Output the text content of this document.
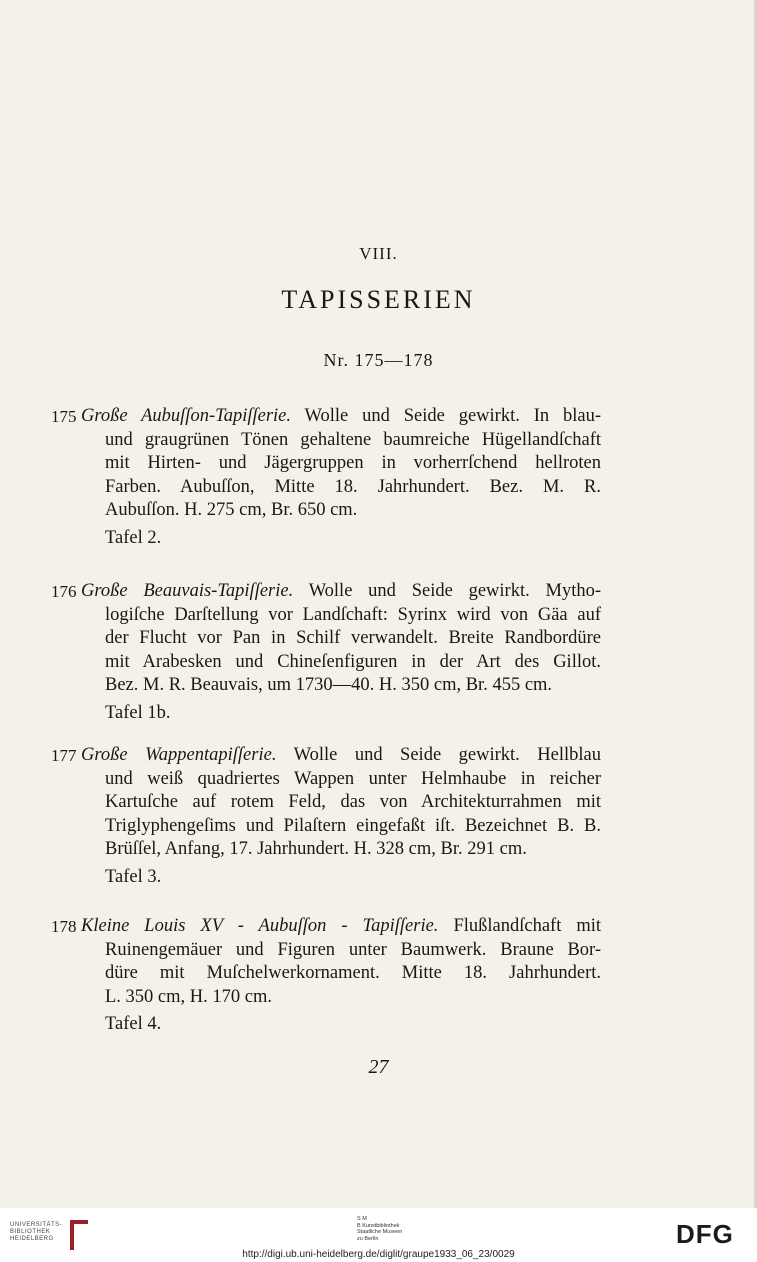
VIII.
TAPISSERIEN
Nr. 175—178
175 Große Aubuſſon-Tapiſſerie. Wolle und Seide gewirkt. In blau-
und graugrünen Tönen gehaltene baumreiche Hügellandſchaft
mit Hirten- und Jägergruppen in vorherrſchend hellroten
Farben. Aubuſſon, Mitte 18. Jahrhundert. Bez. M. R.
Aubuſſon. H. 275 cm, Br. 650 cm.
Tafel 2.
176 Große Beauvais-Tapiſſerie. Wolle und Seide gewirkt. Mytho-
logiſche Darſtellung vor Landſchaft: Syrinx wird von Gäa auf
der Flucht vor Pan in Schilf verwandelt. Breite Randbordüre
mit Arabesken und Chineſenfiguren in der Art des Gillot.
Bez. M. R. Beauvais, um 1730—40. H. 350 cm, Br. 455 cm.
Tafel 1b.
177 Große Wappentapiſſerie. Wolle und Seide gewirkt. Hellblau
und weiß quadriertes Wappen unter Helmhaube in reicher
Kartuſche auf rotem Feld, das von Architekturrahmen mit
Triglyphengeſims und Pilaſtern eingefaßt iſt. Bezeichnet B. B.
Brüſſel, Anfang, 17. Jahrhundert. H. 328 cm, Br. 291 cm.
Tafel 3.
178 Kleine Louis XV - Aubuſſon - Tapiſſerie. Flußlandſchaft mit
Ruinengemäuer und Figuren unter Baumwerk. Braune Bor-
düre mit Muſchelwerkornament. Mitte 18. Jahrhundert.
L. 350 cm, H. 170 cm.
Tafel 4.
27
UNIVERSITÄTS-
BIBLIOTHEK
HEIDELBERG
S M
B Kunstbibliothek
Staatliche Museen
zu Berlin	DFG
http://digi.ub.uni-heidelberg.de/diglit/graupe1933_06_23/0029
